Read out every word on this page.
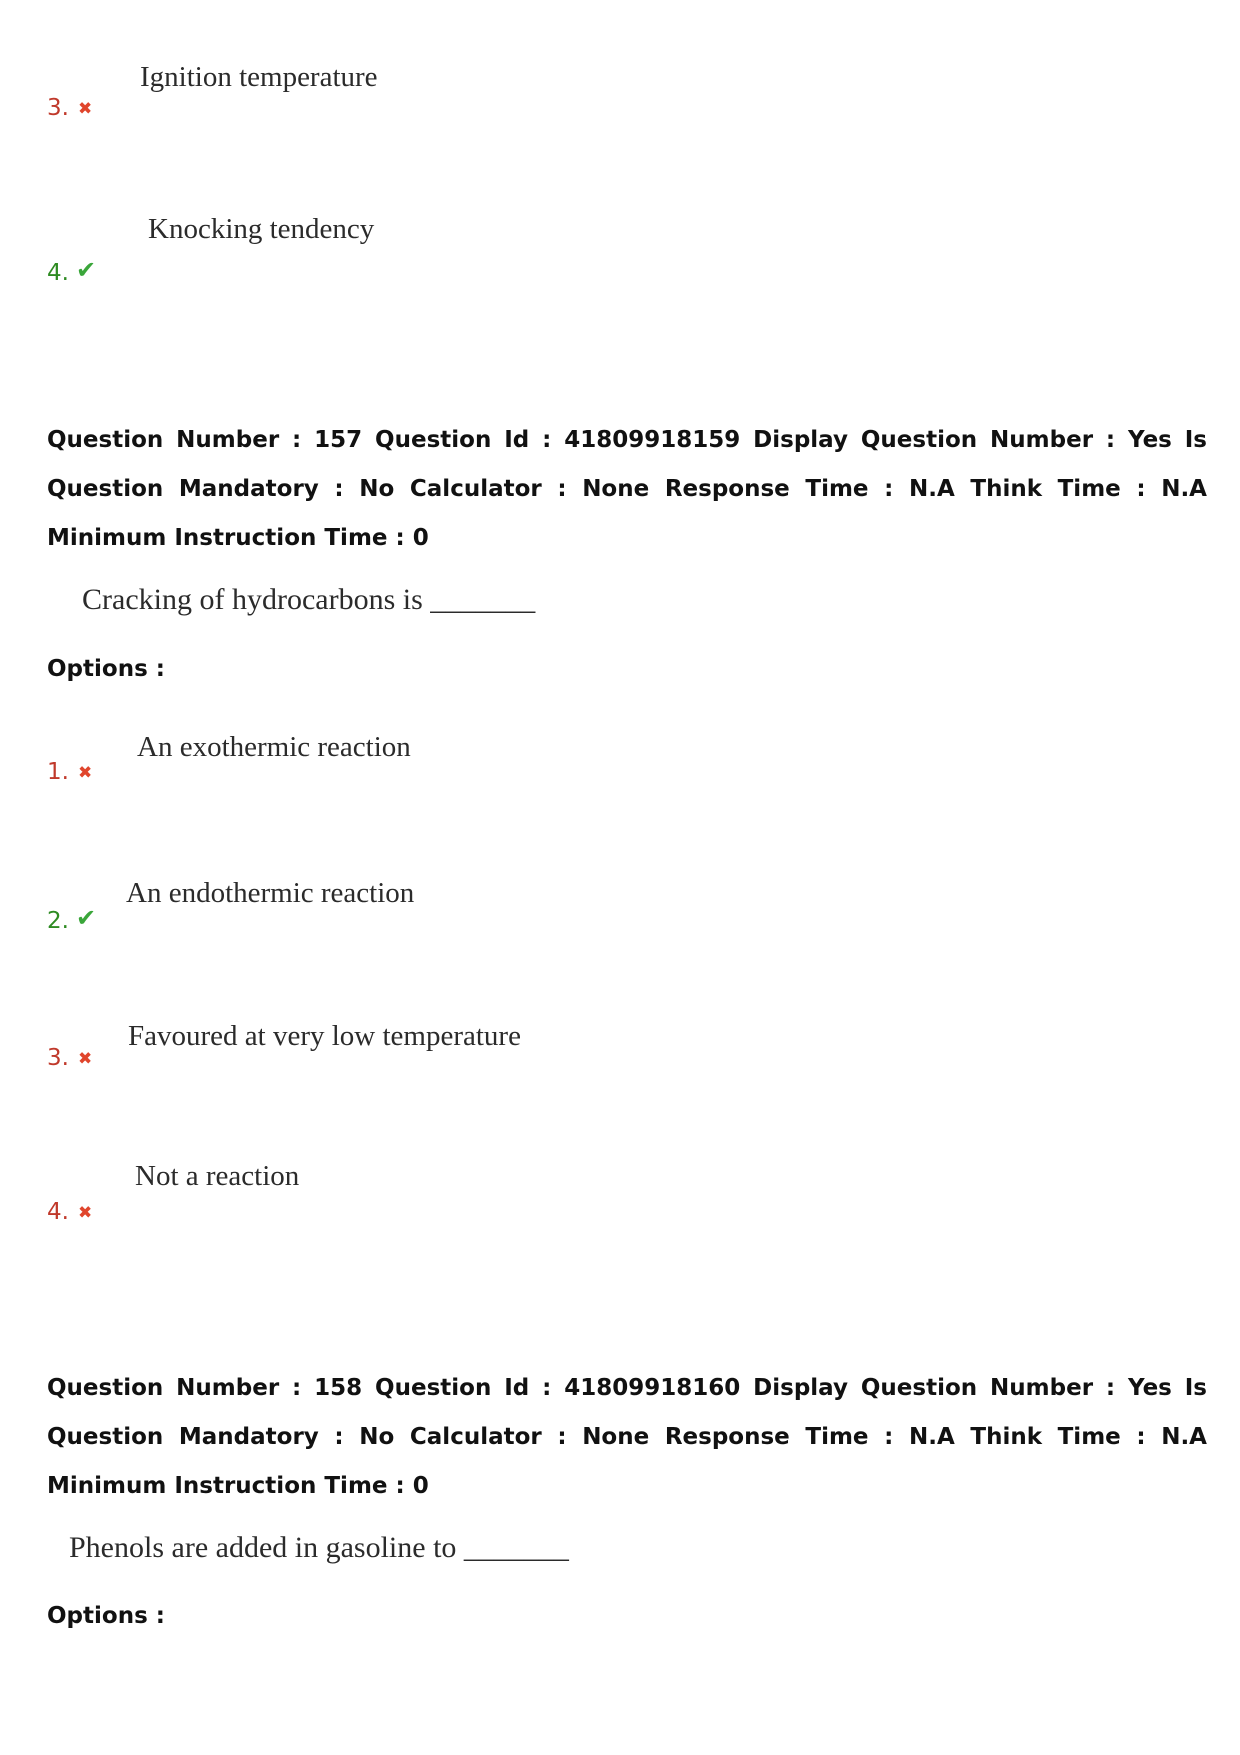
Ignition temperature
3. ✖
Knocking tendency
4. ✔
Question Number : 157 Question Id : 41809918159 Display Question Number : Yes Is Question Mandatory : No Calculator : None Response Time : N.A Think Time : N.A Minimum Instruction Time : 0
Cracking of hydrocarbons is _______
Options :
An exothermic reaction
1. ✖
An endothermic reaction
2. ✔
Favoured at very low temperature
3. ✖
Not a reaction
4. ✖
Question Number : 158 Question Id : 41809918160 Display Question Number : Yes Is Question Mandatory : No Calculator : None Response Time : N.A Think Time : N.A Minimum Instruction Time : 0
Phenols are added in gasoline to _______
Options :
